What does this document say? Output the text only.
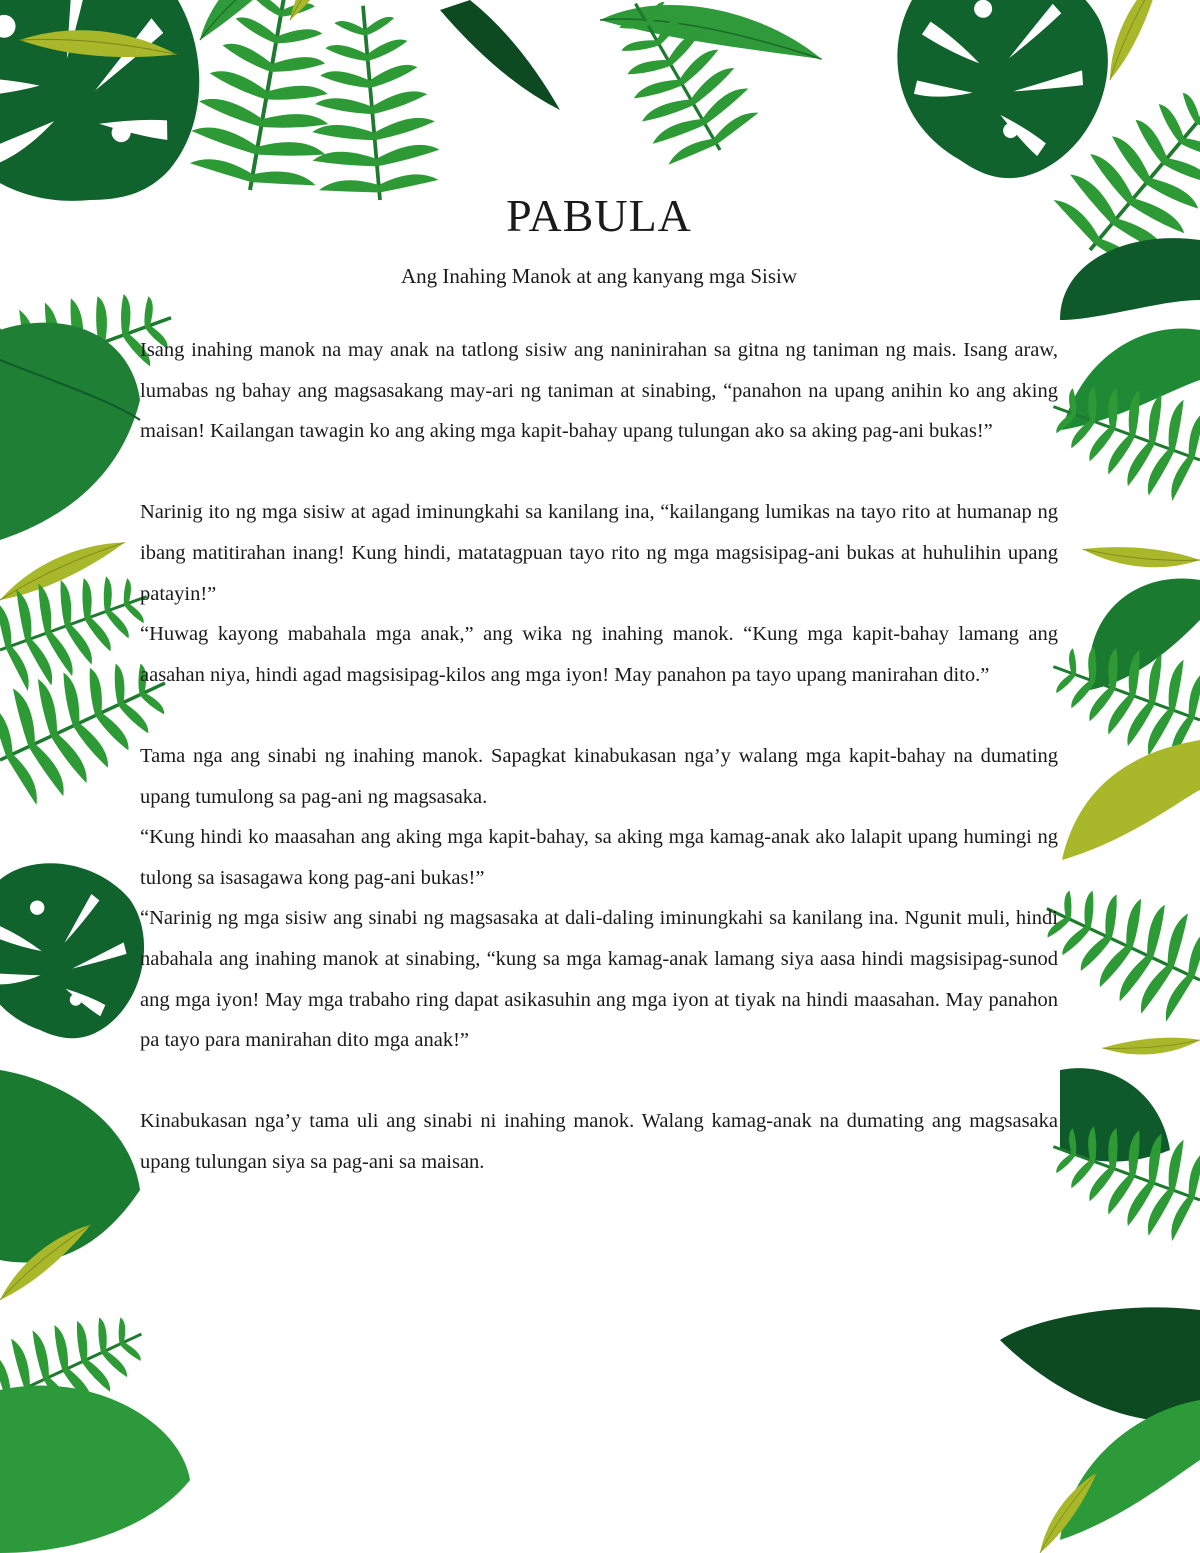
PABULA

Ang Inahing Manok at ang kanyang mga Sisiw

Isang inahing manok na may anak na tatlong sisiw ang naninirahan sa gitna ng taniman ng mais. Isang araw, lumabas ng bahay ang magsasakang may-ari ng taniman at sinabing, “panahon na upang anihin ko ang aking maisan! Kailangan tawagin ko ang aking mga kapit-bahay upang tulungan ako sa aking pag-ani bukas!”

Narinig ito ng mga sisiw at agad iminungkahi sa kanilang ina, “kailangang lumikas na tayo rito at humanap ng ibang matitirahan inang! Kung hindi, matatagpuan tayo rito ng mga magsisipag-ani bukas at huhulihin upang patayin!”

“Huwag kayong mabahala mga anak,” ang wika ng inahing manok. “Kung mga kapit-bahay lamang ang aasahan niya, hindi agad magsisipag-kilos ang mga iyon! May panahon pa tayo upang manirahan dito.”

Tama nga ang sinabi ng inahing manok. Sapagkat kinabukasan nga’y walang mga kapit-bahay na dumating upang tumulong sa pag-ani ng magsasaka.

“Kung hindi ko maasahan ang aking mga kapit-bahay, sa aking mga kamag-anak ako lalapit upang humingi ng tulong sa isasagawa kong pag-ani bukas!”

“Narinig ng mga sisiw ang sinabi ng magsasaka at dali-daling iminungkahi sa kanilang ina. Ngunit muli, hindi nabahala ang inahing manok at sinabing, “kung sa mga kamag-anak lamang siya aasa hindi magsisipag-sunod ang mga iyon! May mga trabaho ring dapat asikasuhin ang mga iyon at tiyak na hindi maasahan. May panahon pa tayo para manirahan dito mga anak!”

Kinabukasan nga’y tama uli ang sinabi ni inahing manok. Walang kamag-anak na dumating ang magsasaka upang tulungan siya sa pag-ani sa maisan.
